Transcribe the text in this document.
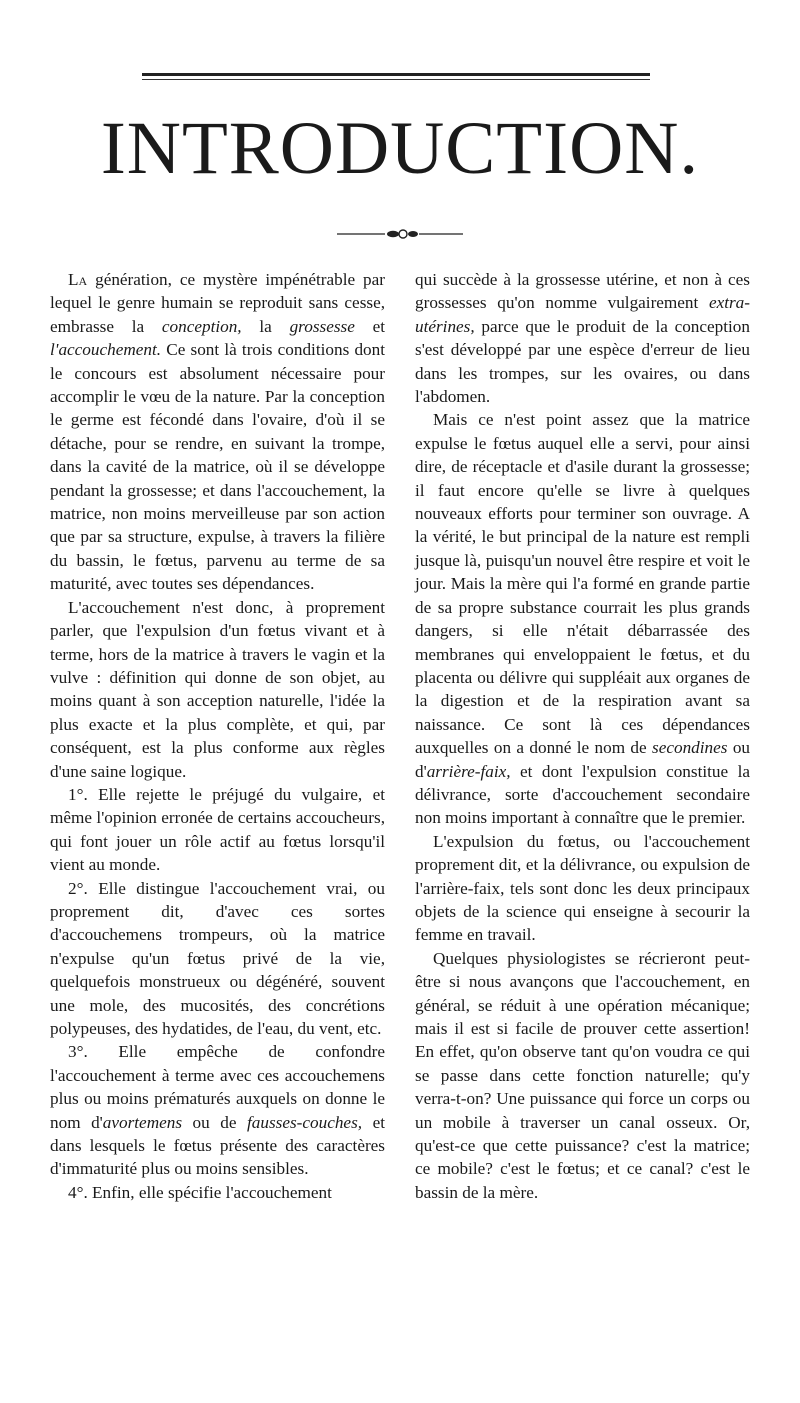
INTRODUCTION.

La génération, ce mystère impénétrable par lequel le genre humain se reproduit sans cesse, embrasse la conception, la grossesse et l'accouchement. Ce sont là trois conditions dont le concours est absolument nécessaire pour accomplir le vœu de la nature. Par la conception le germe est fécondé dans l'ovaire, d'où il se détache, pour se rendre, en suivant la trompe, dans la cavité de la matrice, où il se développe pendant la grossesse; et dans l'accouchement, la matrice, non moins merveilleuse par son action que par sa structure, expulse, à travers la filière du bassin, le fœtus, parvenu au terme de sa maturité, avec toutes ses dépendances.

L'accouchement n'est donc, à proprement parler, que l'expulsion d'un fœtus vivant et à terme, hors de la matrice à travers le vagin et la vulve : définition qui donne de son objet, au moins quant à son acception naturelle, l'idée la plus exacte et la plus complète, et qui, par conséquent, est la plus conforme aux règles d'une saine logique.

1°. Elle rejette le préjugé du vulgaire, et même l'opinion erronée de certains accoucheurs, qui font jouer un rôle actif au fœtus lorsqu'il vient au monde.

2°. Elle distingue l'accouchement vrai, ou proprement dit, d'avec ces sortes d'accouchemens trompeurs, où la matrice n'expulse qu'un fœtus privé de la vie, quelquefois monstrueux ou dégénéré, souvent une mole, des mucosités, des concrétions polypeuses, des hydatides, de l'eau, du vent, etc.

3°. Elle empêche de confondre l'accouchement à terme avec ces accouchemens plus ou moins prématurés auxquels on donne le nom d'avortemens ou de fausses-couches, et dans lesquels le fœtus présente des caractères d'immaturité plus ou moins sensibles.

4°. Enfin, elle spécifie l'accouchement

qui succède à la grossesse utérine, et non à ces grossesses qu'on nomme vulgairement extra-utérines, parce que le produit de la conception s'est développé par une espèce d'erreur de lieu dans les trompes, sur les ovaires, ou dans l'abdomen.

Mais ce n'est point assez que la matrice expulse le fœtus auquel elle a servi, pour ainsi dire, de réceptacle et d'asile durant la grossesse; il faut encore qu'elle se livre à quelques nouveaux efforts pour terminer son ouvrage. A la vérité, le but principal de la nature est rempli jusque là, puisqu'un nouvel être respire et voit le jour. Mais la mère qui l'a formé en grande partie de sa propre substance courrait les plus grands dangers, si elle n'était débarrassée des membranes qui enveloppaient le fœtus, et du placenta ou délivre qui suppléait aux organes de la digestion et de la respiration avant sa naissance. Ce sont là ces dépendances auxquelles on a donné le nom de secondines ou d'arrière-faix, et dont l'expulsion constitue la délivrance, sorte d'accouchement secondaire non moins important à connaître que le premier.

L'expulsion du fœtus, ou l'accouchement proprement dit, et la délivrance, ou expulsion de l'arrière-faix, tels sont donc les deux principaux objets de la science qui enseigne à secourir la femme en travail.

Quelques physiologistes se récrieront peut-être si nous avançons que l'accouchement, en général, se réduit à une opération mécanique; mais il est si facile de prouver cette assertion! En effet, qu'on observe tant qu'on voudra ce qui se passe dans cette fonction naturelle; qu'y verra-t-on? Une puissance qui force un corps ou un mobile à traverser un canal osseux. Or, qu'est-ce que cette puissance? c'est la matrice; ce mobile? c'est le fœtus; et ce canal? c'est le bassin de la mère.
